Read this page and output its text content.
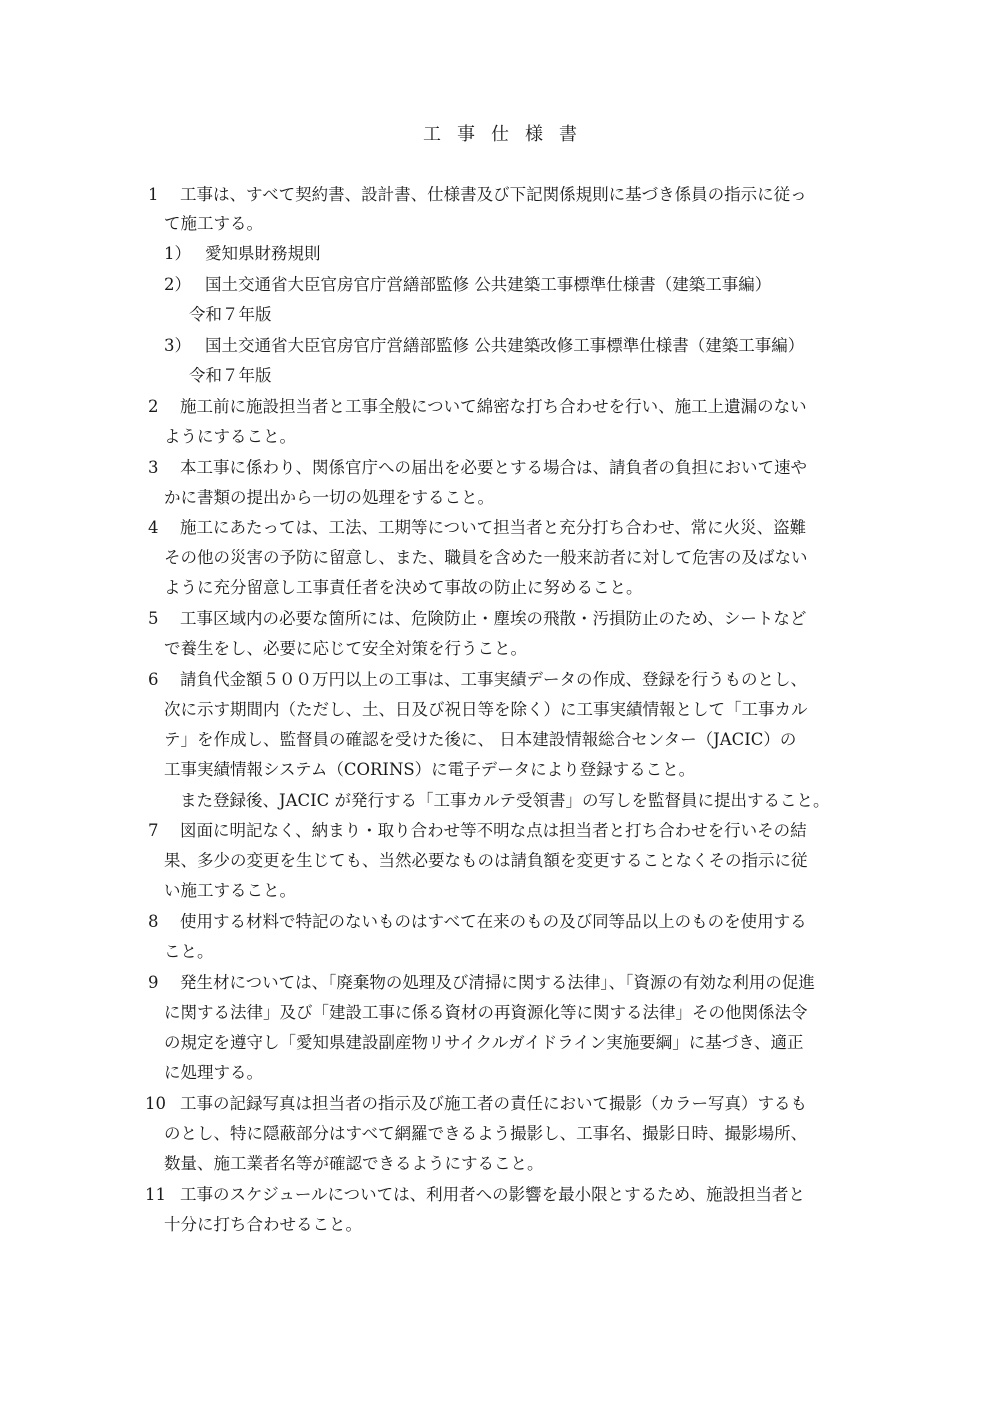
工 事 仕 様 書
1 工事は、すべて契約書、設計書、仕様書及び下記関係規則に基づき係員の指示に従っ
て施工する。
1） 愛知県財務規則
2） 国土交通省大臣官房官庁営繕部監修 公共建築工事標準仕様書（建築工事編）
令和７年版
3） 国土交通省大臣官房官庁営繕部監修 公共建築改修工事標準仕様書（建築工事編）
令和７年版
2 施工前に施設担当者と工事全般について綿密な打ち合わせを行い、施工上遺漏のない
ようにすること。
3 本工事に係わり、関係官庁への届出を必要とする場合は、請負者の負担において速や
かに書類の提出から一切の処理をすること。
4 施工にあたっては、工法、工期等について担当者と充分打ち合わせ、常に火災、盗難
その他の災害の予防に留意し、また、職員を含めた一般来訪者に対して危害の及ばない
ように充分留意し工事責任者を決めて事故の防止に努めること。
5 工事区域内の必要な箇所には、危険防止・塵埃の飛散・汚損防止のため、シートなど
で養生をし、必要に応じて安全対策を行うこと。
6 請負代金額５００万円以上の工事は、工事実績データの作成、登録を行うものとし、
次に示す期間内（ただし、土、日及び祝日等を除く）に工事実績情報として「工事カル
テ」を作成し、監督員の確認を受けた後に、 日本建設情報総合センター（JACIC）の
工事実績情報システム（CORINS）に電子データにより登録すること。
また登録後、JACIC が発行する「工事カルテ受領書」の写しを監督員に提出すること。
7 図面に明記なく、納まり・取り合わせ等不明な点は担当者と打ち合わせを行いその結
果、多少の変更を生じても、当然必要なものは請負額を変更することなくその指示に従
い施工すること。
8 使用する材料で特記のないものはすべて在来のもの及び同等品以上のものを使用する
こと。
9 発生材については、「廃棄物の処理及び清掃に関する法律」、「資源の有効な利用の促進
に関する法律」及び「建設工事に係る資材の再資源化等に関する法律」その他関係法令
の規定を遵守し「愛知県建設副産物リサイクルガイドライン実施要綱」に基づき、適正
に処理する。
10 工事の記録写真は担当者の指示及び施工者の責任において撮影（カラー写真）するも
のとし、特に隠蔽部分はすべて網羅できるよう撮影し、工事名、撮影日時、撮影場所、
数量、施工業者名等が確認できるようにすること。
11 工事のスケジュールについては、利用者への影響を最小限とするため、施設担当者と
十分に打ち合わせること。
